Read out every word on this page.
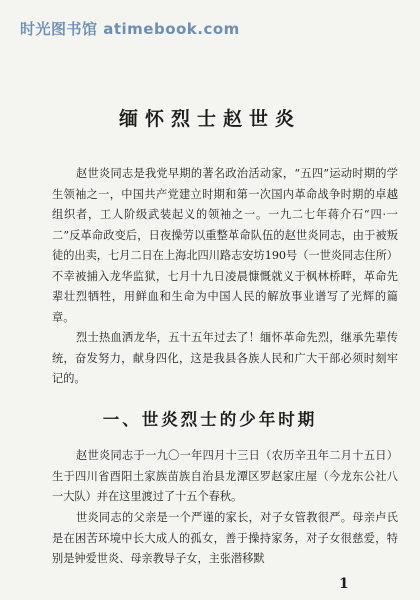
时光图书馆 atimebook.com
缅怀烈士赵世炎

赵世炎同志是我党早期的著名政治活动家，“五四”运动时期的学生领袖之一，中国共产党建立时期和第一次国内革命战争时期的卓越组织者，工人阶级武装起义的领袖之一。一九二七年蒋介石“四·一二”反革命政变后，日夜操劳以重整革命队伍的赵世炎同志，由于被叛徒的出卖，七月二日在上海北四川路志安坊190号（一世炎同志住所）不幸被捕入龙华监狱，七月十九日凌晨慷慨就义于枫林桥畔，革命先辈壮烈牺牲，用鲜血和生命为中国人民的解放事业谱写了光辉的篇章。

一、世炎烈士的少年时期

烈士热血洒龙华，五十五年过去了！缅怀革命先烈，继承先辈传统，奋发努力，献身四化，这是我县各族人民和广大干部必须时刻牢记的。

赵世炎同志于一九〇一年四月十三日（农历辛丑年二月十五日）生于四川省酉阳土家族苗族自治县龙潭区罗赵家庄屋（今龙东公社八一大队）并在这里渡过了十五个春秋。

世炎同志的父亲是一个严谨的家长，对子女管教很严。母亲卢氏是在困苦环境中长大成人的孤女，善于操持家务，对子女很慈爱，特别是钟爱世炎、母亲教导子女，主张潜移默

1
